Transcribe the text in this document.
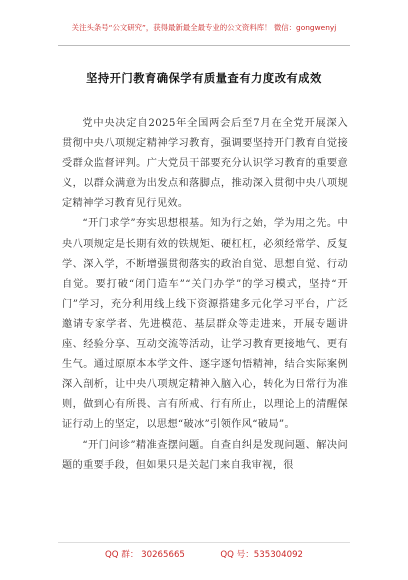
关注头条号“公文研究”，获得最新最全最专业的公文资料库！ 微信：gongwenyj
坚持开门教育确保学有质量查有力度改有成效

党中央决定自2025年全国两会后至7月在全党开展深入贯彻中央八项规定精神学习教育，强调要坚持开门教育自觉接受群众监督评判。广大党员干部要充分认识学习教育的重要意义，以群众满意为出发点和落脚点，推动深入贯彻中央八项规定精神学习教育见行见效。

“开门求学”夯实思想根基。知为行之始，学为用之先。中央八项规定是长期有效的铁规矩、硬杠杠，必须经常学、反复学、深入学，不断增强贯彻落实的政治自觉、思想自觉、行动自觉。要打破“闭门造车”“关门办学”的学习模式，坚持“开门”学习，充分利用线上线下资源搭建多元化学习平台，广泛邀请专家学者、先进模范、基层群众等走进来，开展专题讲座、经验分享、互动交流等活动，让学习教育更接地气、更有生气。通过原原本本学文件、逐字逐句悟精神，结合实际案例深入剖析，让中央八项规定精神入脑入心，转化为日常行为准则，做到心有所畏、言有所戒、行有所止，以理论上的清醒保证行动上的坚定，以思想“破冰”引领作风“破局”。

“开门问诊”精准查摆问题。自查自纠是发现问题、解决问题的重要手段，但如果只是关起门来自我审视，很

QQ 群： 30265665	QQ 号：535304092
